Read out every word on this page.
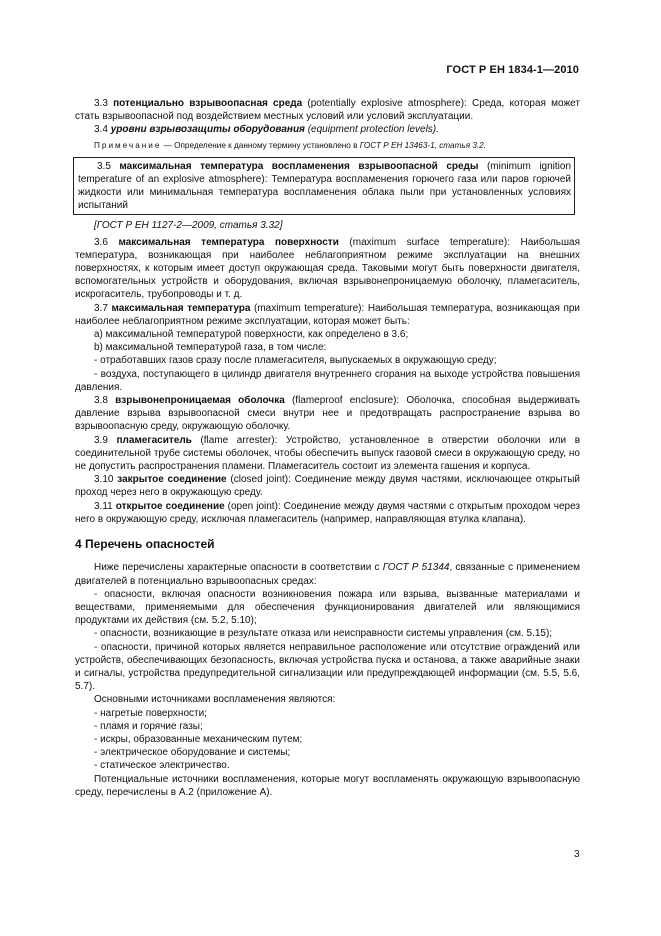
ГОСТ Р ЕН 1834-1—2010

3.3 потенциально взрывоопасная среда (potentially explosive atmosphere): Среда, которая может стать взрывоопасной под воздействием местных условий или условий эксплуатации.

3.4 уровни взрывозащиты оборудования (equipment protection levels).

Примечание — Определение к данному термину установлено в ГОСТ Р ЕН 13463-1, статья 3.2.

3.5 максимальная температура воспламенения взрывоопасной среды (minimum ignition temperature of an explosive atmosphere): Температура воспламенения горючего газа или паров горючей жидкости или минимальная температура воспламенения облака пыли при установленных условиях испытаний

[ГОСТ Р ЕН 1127-2—2009, статья 3.32]

3.6 максимальная температура поверхности (maximum surface temperature): Наибольшая температура, возникающая при наиболее неблагоприятном режиме эксплуатации на внешних поверхностях, к которым имеет доступ окружающая среда. Таковыми могут быть поверхности двигателя, вспомогательных устройств и оборудования, включая взрывонепроницаемую оболочку, пламегаситель, искрогаситель, трубопроводы и т. д.

3.7 максимальная температура (maximum temperature): Наибольшая температура, возникающая при наиболее неблагоприятном режиме эксплуатации, которая может быть:

a) максимальной температурой поверхности, как определено в 3.6;

b) максимальной температурой газа, в том числе:

- отработавших газов сразу после пламегасителя, выпускаемых в окружающую среду;

- воздуха, поступающего в цилиндр двигателя внутреннего сгорания на выходе устройства повышения давления.

3.8 взрывонепроницаемая оболочка (flameproof enclosure): Оболочка, способная выдерживать давление взрыва взрывоопасной смеси внутри нее и предотвращать распространение взрыва во взрывоопасную среду, окружающую оболочку.

3.9 пламегаситель (flame arrester): Устройство, установленное в отверстии оболочки или в соединительной трубе системы оболочек, чтобы обеспечить выпуск газовой смеси в окружающую среду, но не допустить распространения пламени. Пламегаситель состоит из элемента гашения и корпуса.

3.10 закрытое соединение (closed joint): Соединение между двумя частями, исключающее открытый проход через него в окружающую среду.

3.11 открытое соединение (open joint): Соединение между двумя частями с открытым проходом через него в окружающую среду, исключая пламегаситель (например, направляющая втулка клапана).

4 Перечень опасностей

Ниже перечислены характерные опасности в соответствии с ГОСТ Р 51344, связанные с применением двигателей в потенциально взрывоопасных средах:

- опасности, включая опасности возникновения пожара или взрыва, вызванные материалами и веществами, применяемыми для обеспечения функционирования двигателей или являющимися продуктами их действия (см. 5.2, 5.10);

- опасности, возникающие в результате отказа или неисправности системы управления (см. 5.15);

- опасности, причиной которых является неправильное расположение или отсутствие ограждений или устройств, обеспечивающих безопасность, включая устройства пуска и останова, а также аварийные знаки и сигналы, устройства предупредительной сигнализации или предупреждающей информации (см. 5.5, 5.6, 5.7).

Основными источниками воспламенения являются:

- нагретые поверхности;

- пламя и горячие газы;

- искры, образованные механическим путем;

- электрическое оборудование и системы;

- статическое электричество.

Потенциальные источники воспламенения, которые могут воспламенять окружающую взрывоопасную среду, перечислены в А.2 (приложение А).

3
